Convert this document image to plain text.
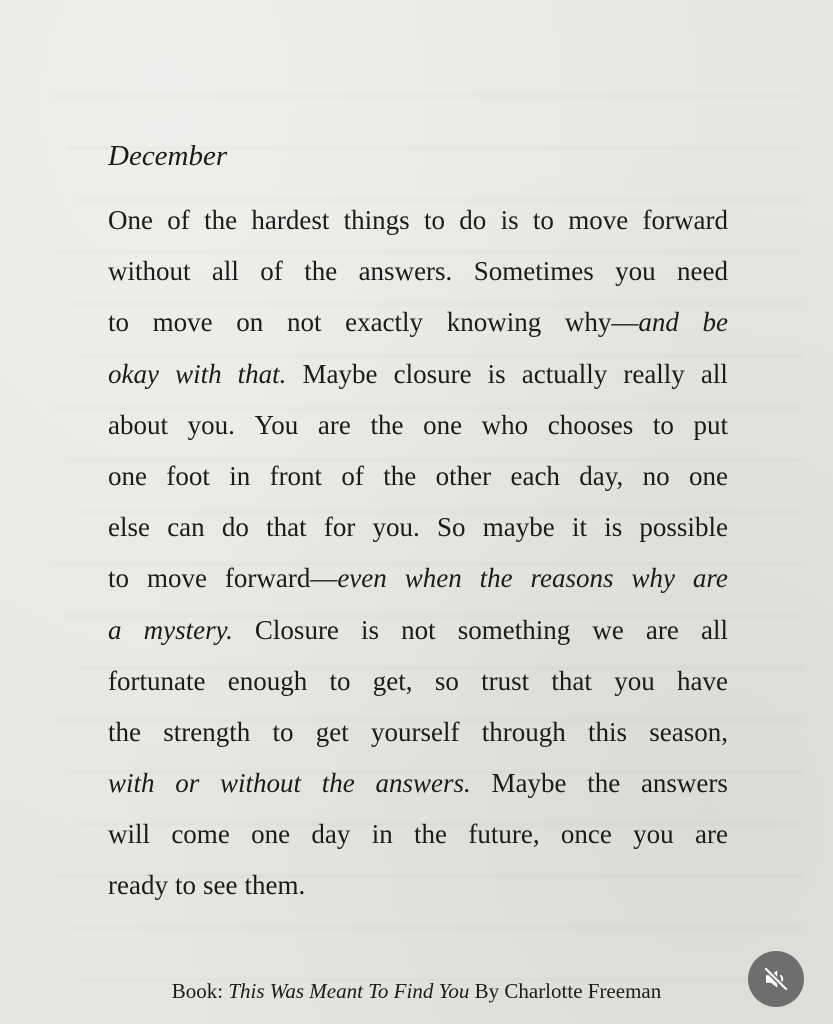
December
One of the hardest things to do is to move forward
without all of the answers. Sometimes you need
to move on not exactly knowing why—and be
okay with that. Maybe closure is actually really all
about you. You are the one who chooses to put
one foot in front of the other each day, no one
else can do that for you. So maybe it is possible
to move forward—even when the reasons why are
a mystery. Closure is not something we are all
fortunate enough to get, so trust that you have
the strength to get yourself through this season,
with or without the answers. Maybe the answers
will come one day in the future, once you are
ready to see them.
Book: This Was Meant To Find You By Charlotte Freeman
